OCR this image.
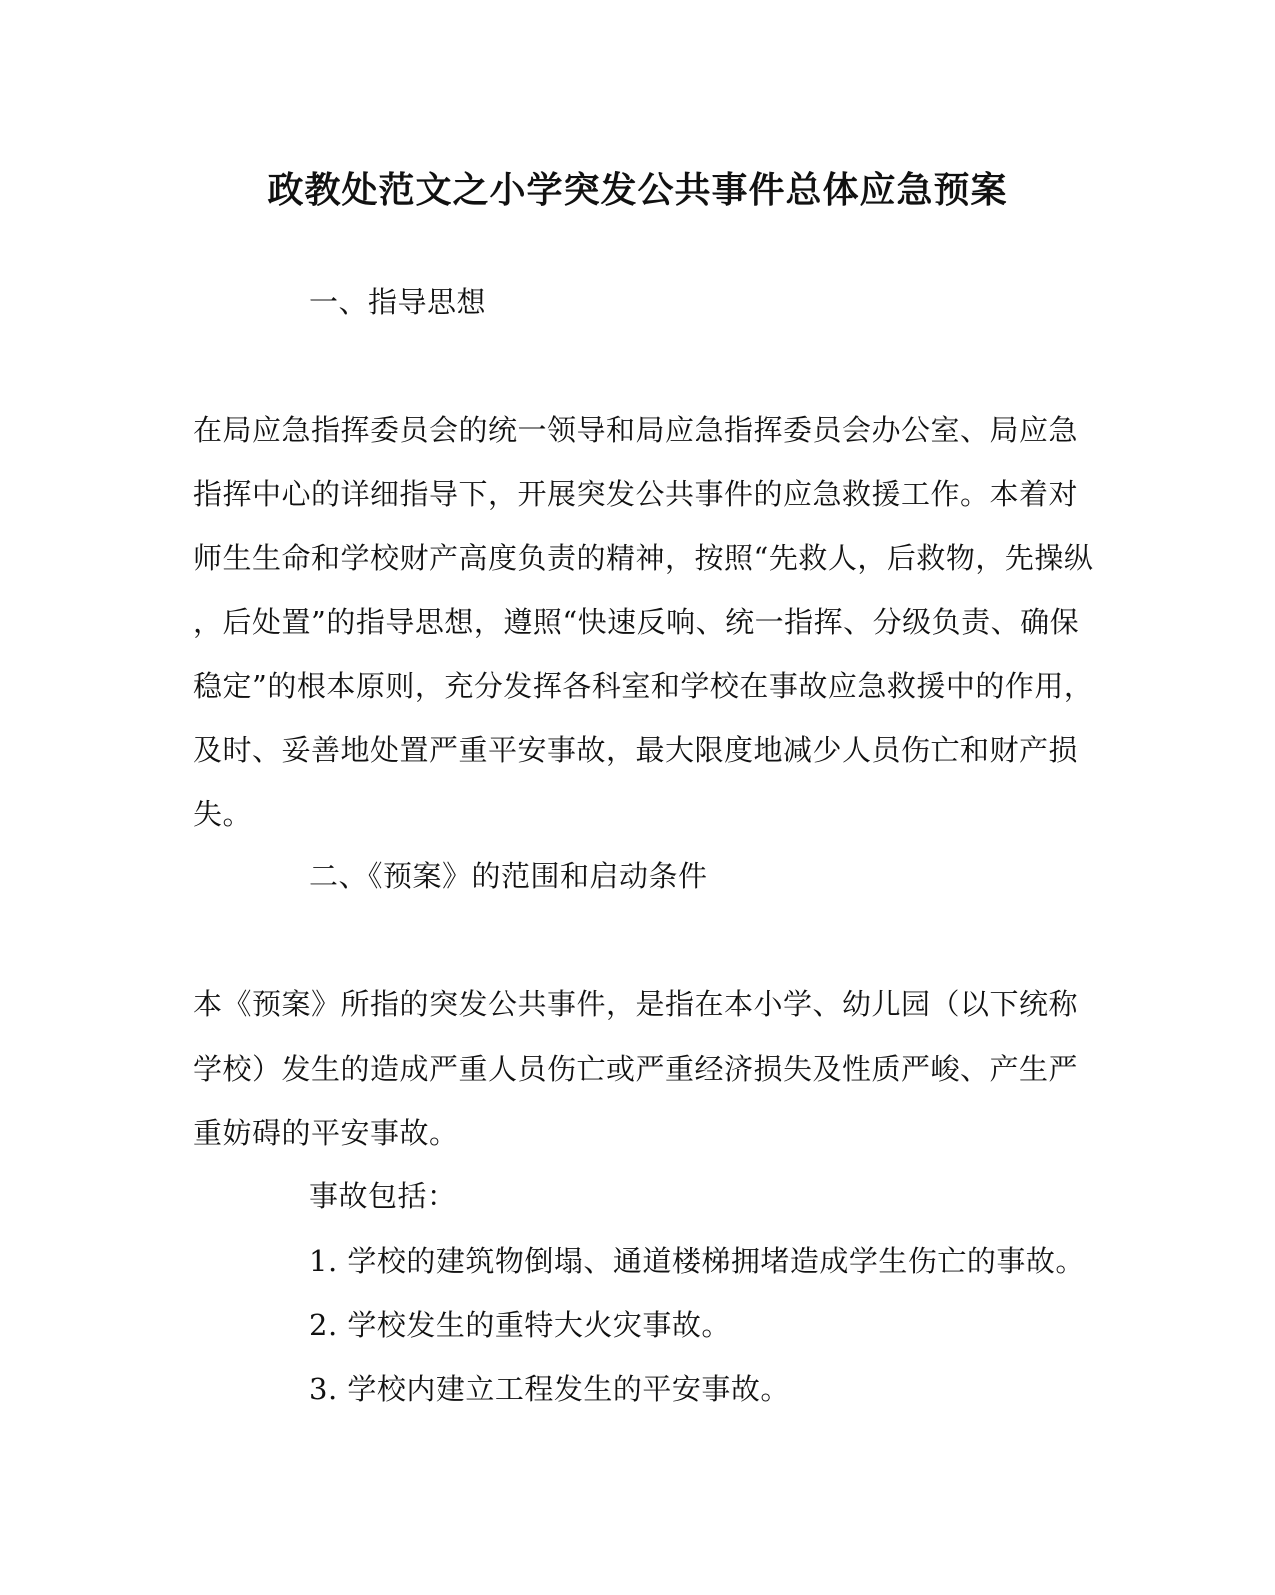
政教处范文之小学突发公共事件总体应急预案
一、指导思想
在局应急指挥委员会的统一领导和局应急指挥委员会办公室、局应急
指挥中心的详细指导下，开展突发公共事件的应急救援工作。本着对
师生生命和学校财产高度负责的精神，按照“先救人，后救物，先操纵
，后处置”的指导思想，遵照“快速反响、统一指挥、分级负责、确保
稳定”的根本原则，充分发挥各科室和学校在事故应急救援中的作用，
及时、妥善地处置严重平安事故，最大限度地减少人员伤亡和财产损
失。
二、《预案》的范围和启动条件
本《预案》所指的突发公共事件，是指在本小学、幼儿园（以下统称
学校）发生的造成严重人员伤亡或严重经济损失及性质严峻、产生严
重妨碍的平安事故。
事故包括：
1. 学校的建筑物倒塌、通道楼梯拥堵造成学生伤亡的事故。
2. 学校发生的重特大火灾事故。
3. 学校内建立工程发生的平安事故。
